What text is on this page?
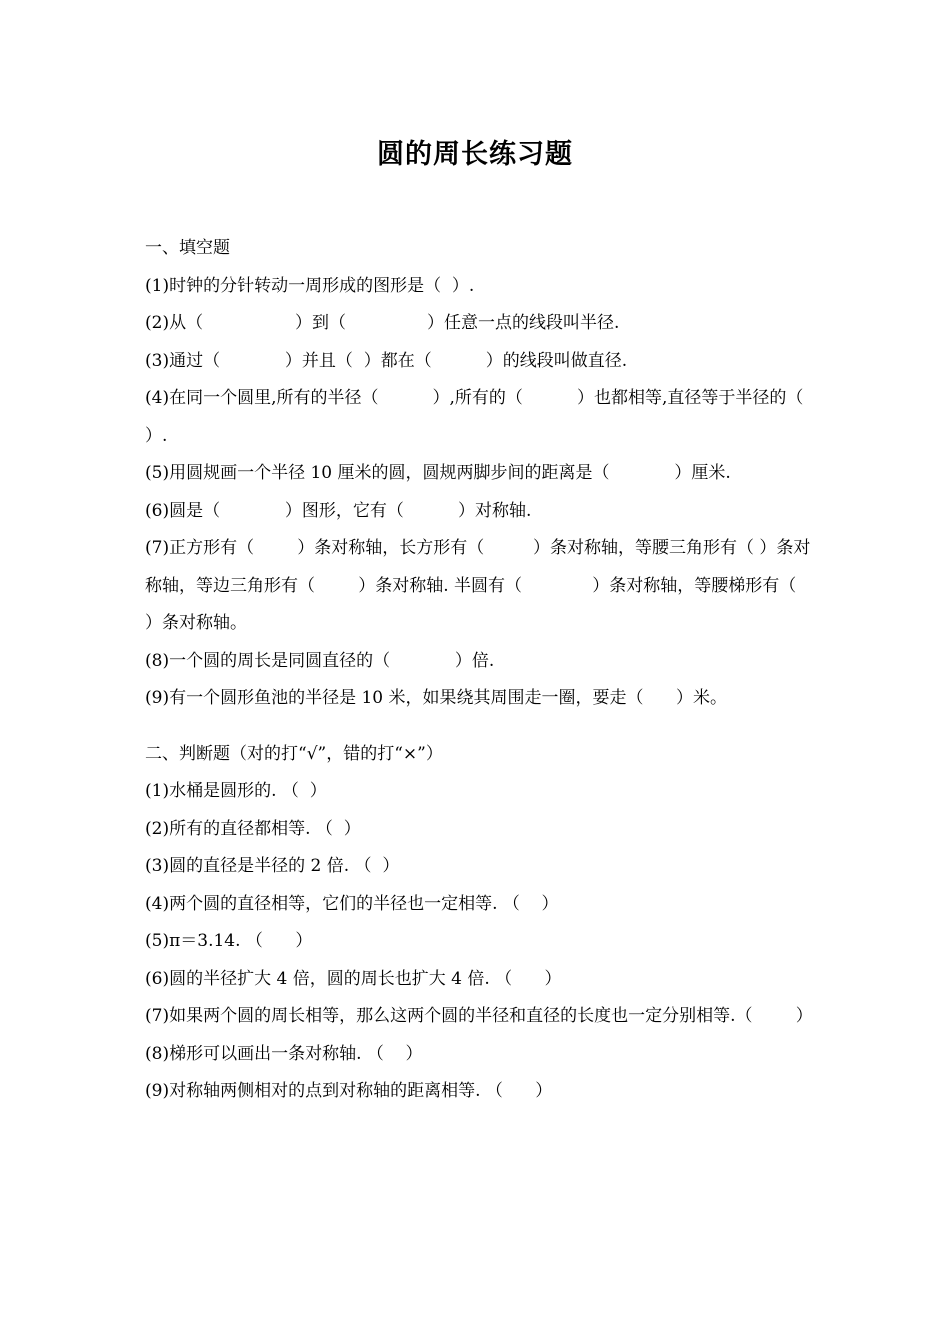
圆的周长练习题
一、填空题
(1)时钟的分针转动一周形成的图形是（  ）.
(2)从（                 ）到（               ）任意一点的线段叫半径.
(3)通过（            ）并且（  ）都在（          ）的线段叫做直径.
(4)在同一个圆里,所有的半径（          ）,所有的（          ）也都相等,直径等于半径的（            ）.
(5)用圆规画一个半径 10 厘米的圆，圆规两脚步间的距离是（            ）厘米.
(6)圆是（            ）图形，它有（          ）对称轴.
(7)正方形有（        ）条对称轴，长方形有（         ）条对称轴，等腰三角形有（ ）条对称轴，等边三角形有（        ）条对称轴. 半圆有（             ）条对称轴，等腰梯形有（         ）条对称轴。
(8)一个圆的周长是同圆直径的（            ）倍.
(9)有一个圆形鱼池的半径是 10 米，如果绕其周围走一圈，要走（      ）米。
二、判断题（对的打“√”，错的打“×”）
(1)水桶是圆形的. （  ）
(2)所有的直径都相等. （  ）
(3)圆的直径是半径的 2 倍. （  ）
(4)两个圆的直径相等，它们的半径也一定相等. （    ）
(5)π＝3.14. （      ）
(6)圆的半径扩大 4 倍，圆的周长也扩大 4 倍. （      ）
(7)如果两个圆的周长相等，那么这两个圆的半径和直径的长度也一定分别相等.（        ）
(8)梯形可以画出一条对称轴. （    ）
(9)对称轴两侧相对的点到对称轴的距离相等. （      ）
